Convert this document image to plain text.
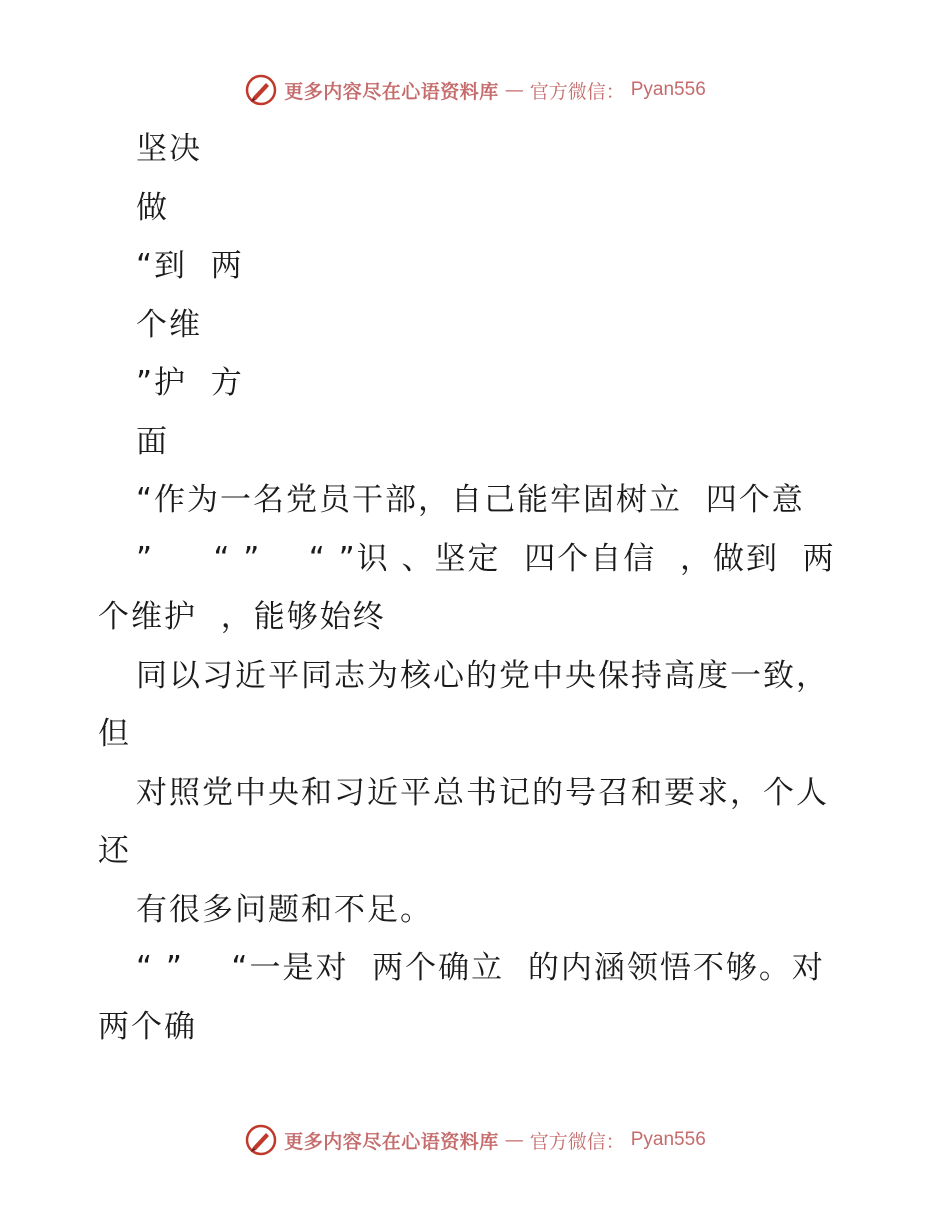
更多内容尽在心语资料库 — 官方微信： Pyan556
坚决
做
“到  两
个维
”护  方
面
“作为一名党员干部，自己能牢固树立  四个意
”     “ ”    “ ”识 、坚定  四个自信  ，做到  两
个维护  ，能够始终
同以习近平同志为核心的党中央保持高度一致，
但
对照党中央和习近平总书记的号召和要求，个人
还
有很多问题和不足。
“ ”    “一是对  两个确立  的内涵领悟不够。对
两个确
更多内容尽在心语资料库 — 官方微信： Pyan556
